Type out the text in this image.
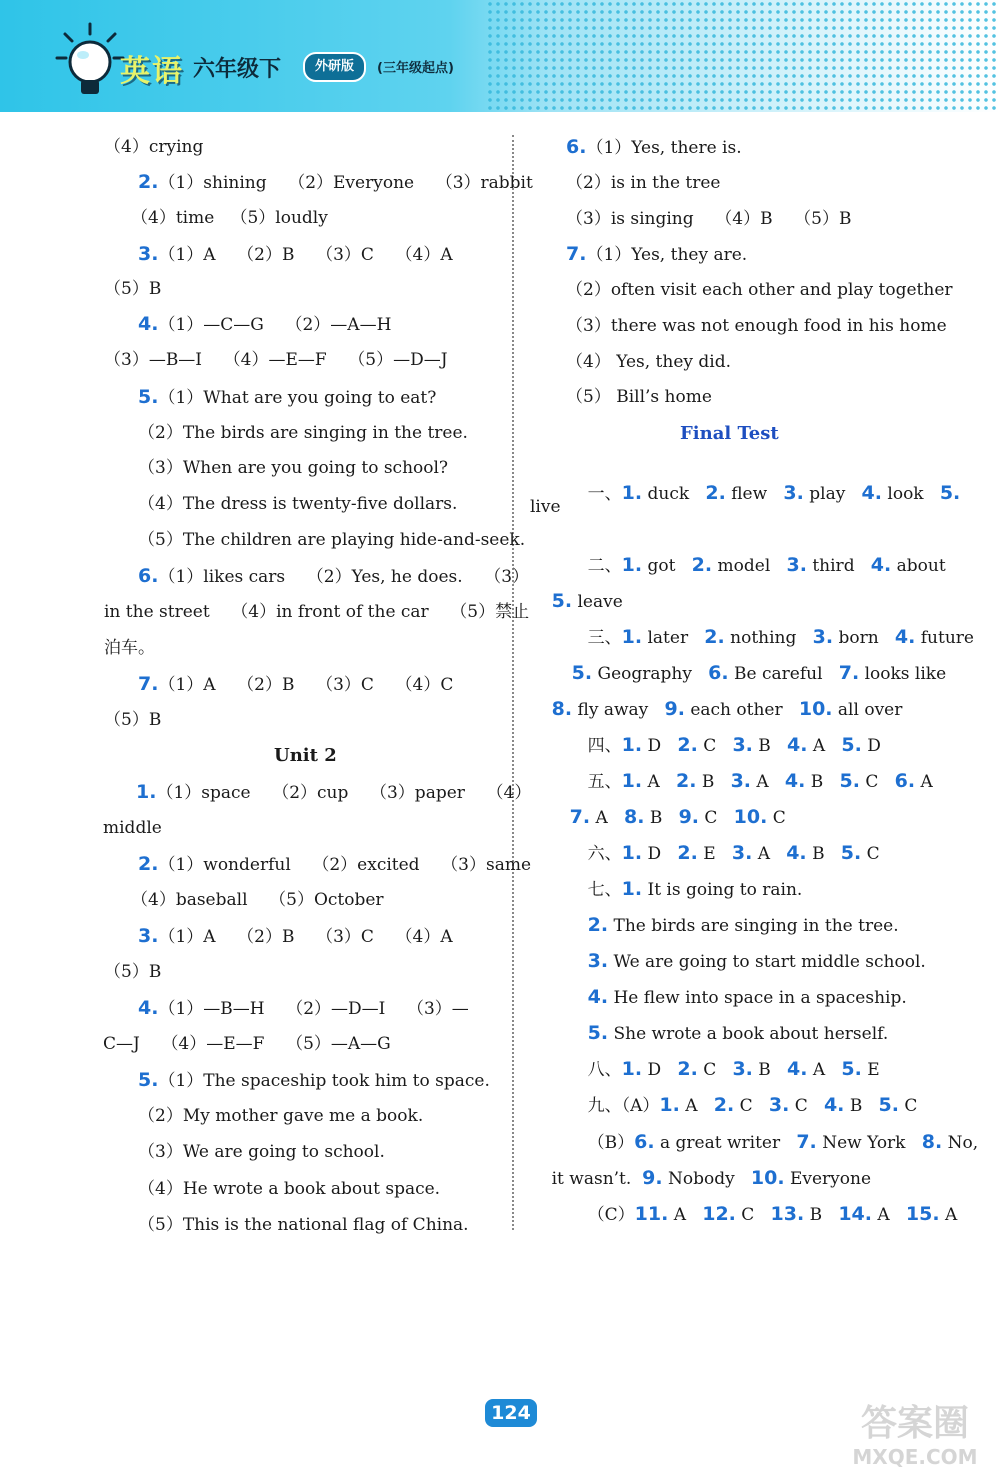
英语 六年级下	外研版	(三年级起点)
（4）crying
2.（1）shining    （2）Everyone    （3）rabbit
（4）time   （5）loudly
3.（1）A    （2）B    （3）C    （4）A
（5）B
4.（1）—C—G    （2）—A—H
（3）—B—I    （4）—E—F    （5）—D—J
5.（1）What are you going to eat?
（2）The birds are singing in the tree.
（3）When are you going to school?
（4）The dress is twenty-five dollars.
（5）The children are playing hide-and-seek.
6.（1）likes cars    （2）Yes, he does.    （3）
in the street    （4）in front of the car    （5）禁止
泊车。
7.（1）A    （2）B    （3）C    （4）C
（5）B
Unit 2
1.（1）space    （2）cup    （3）paper    （4）
middle
2.（1）wonderful    （2）excited    （3）same
（4）baseball    （5）October
3.（1）A    （2）B    （3）C    （4）A
（5）B
4.（1）—B—H    （2）—D—I    （3）—
C—J    （4）—E—F    （5）—A—G
5.（1）The spaceship took him to space.
（2）My mother gave me a book.
（3）We are going to school.
（4）He wrote a book about space.
（5）This is the national flag of China.
6.（1）Yes, there is.
（2）is in the tree
（3）is singing    （4）B    （5）B
7.（1）Yes, they are.
（2）often visit each other and play together
（3）there was not enough food in his home
（4） Yes, they did.
（5） Bill’s home
Final Test

一、1. duck 2. flew 3. play 4. look 5.

live

二、1. got 2. model 3. third 4. about

5. leave

三、1. later 2. nothing 3. born 4. future

5. Geography 6. Be careful 7. looks like

8. fly away 9. each other 10. all over

四、1. D 2. C 3. B 4. A 5. D

五、1. A 2. B 3. A 4. B 5. C 6. A

7. A 8. B 9. C 10. C

六、1. D 2. E 3. A 4. B 5. C

七、1. It is going to rain.

2. The birds are singing in the tree.

3. We are going to start middle school.

4. He flew into space in a spaceship.

5. She wrote a book about herself.

八、1. D 2. C 3. B 4. A 5. E

九、（A）1. A 2. C 3. C 4. B 5. C

（B）6. a great writer 7. New York 8. No,

it wasn’t. 9. Nobody 10. Everyone

（C）11. A 12. C 13. B 14. A 15. A

124	答案圈
MXQE.COM
